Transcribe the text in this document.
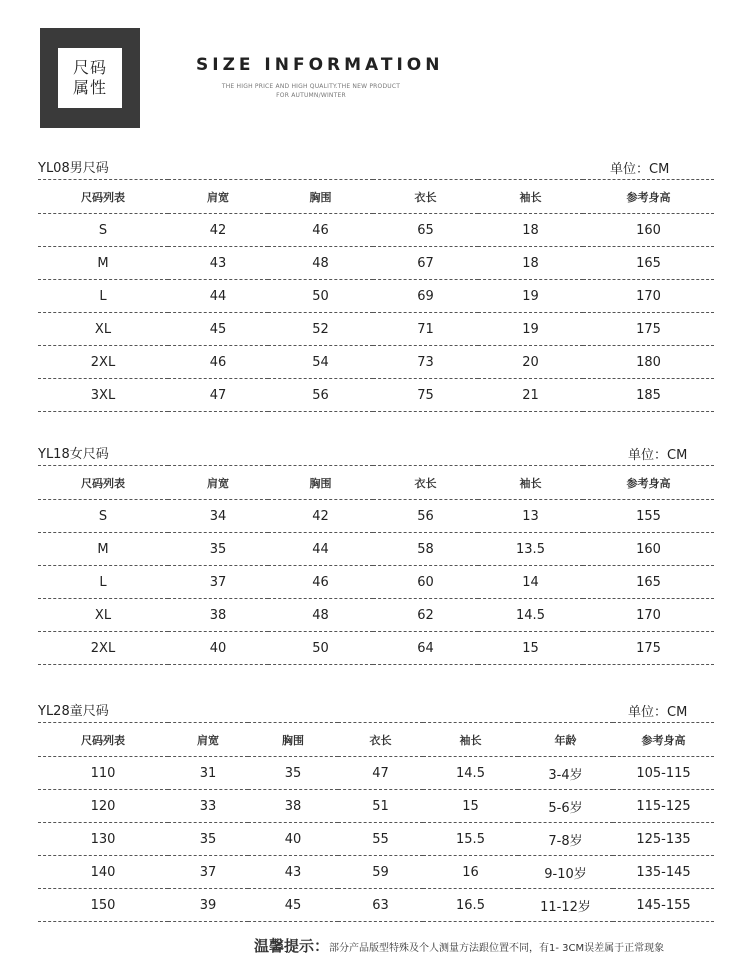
尺码
属性
SIZE INFORMATION
THE HIGH PRICE AND HIGH QUALITY.THE NEW PRODUCT
FOR AUTUMN/WINTER
YL08男尺码	单位：CM
尺码列表	肩宽	胸围	衣长	袖长	参考身高
S	42	46	65	18	160
M	43	48	67	18	165
L	44	50	69	19	170
XL	45	52	71	19	175
2XL	46	54	73	20	180
3XL	47	56	75	21	185
YL18女尺码	单位：CM
尺码列表	肩宽	胸围	衣长	袖长	参考身高
S	34	42	56	13	155
M	35	44	58	13.5	160
L	37	46	60	14	165
XL	38	48	62	14.5	170
2XL	40	50	64	15	175
YL28童尺码	单位：CM
尺码列表	肩宽	胸围	衣长	袖长	年龄	参考身高
110	31	35	47	14.5	3-4岁	105-115
120	33	38	51	15	5-6岁	115-125
130	35	40	55	15.5	7-8岁	125-135
140	37	43	59	16	9-10岁	135-145
150	39	45	63	16.5	11-12岁	145-155
温馨提示：部分产品版型特殊及个人测量方法跟位置不同，有1- 3CM误差属于正常现象
